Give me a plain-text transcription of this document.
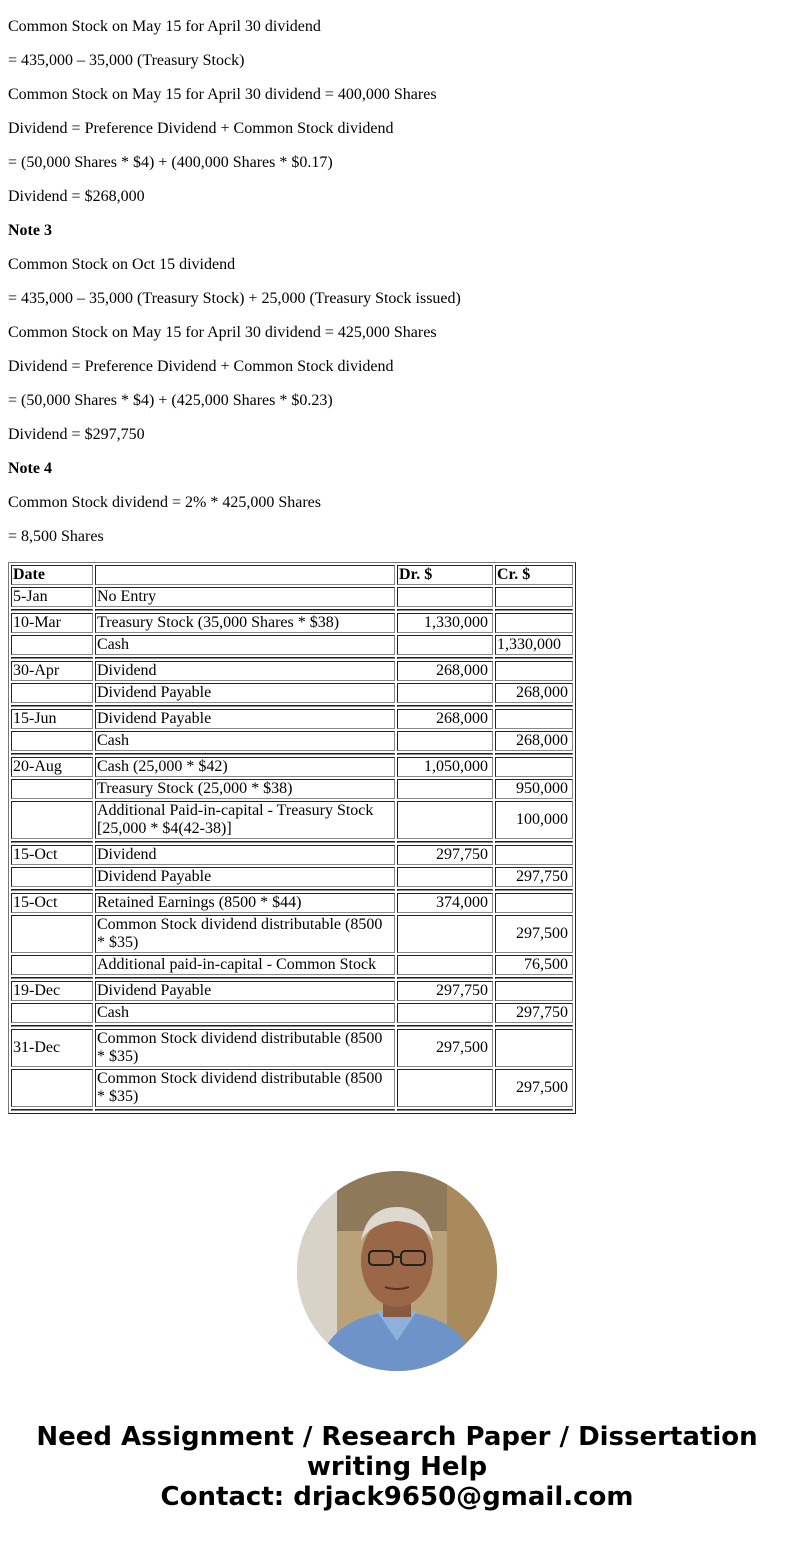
Common Stock on May 15 for April 30 dividend

= 435,000 – 35,000 (Treasury Stock)

Common Stock on May 15 for April 30 dividend = 400,000 Shares

Dividend = Preference Dividend + Common Stock dividend

= (50,000 Shares * $4) + (400,000 Shares * $0.17)

Dividend = $268,000

Note 3

Common Stock on Oct 15 dividend

= 435,000 – 35,000 (Treasury Stock) + 25,000 (Treasury Stock issued)

Common Stock on May 15 for April 30 dividend = 425,000 Shares

Dividend = Preference Dividend + Common Stock dividend

= (50,000 Shares * $4) + (425,000 Shares * $0.23)

Dividend = $297,750

Note 4

Common Stock dividend = 2% * 425,000 Shares

= 8,500 Shares

Date		Dr. $	Cr. $
5-Jan	No Entry		

10-Mar	Treasury Stock (35,000 Shares * $38)	1,330,000	
	Cash		1,330,000

30-Apr	Dividend	268,000	
	Dividend Payable		268,000

15-Jun	Dividend Payable	268,000	
	Cash		268,000

20-Aug	Cash (25,000 * $42)	1,050,000	
	Treasury Stock (25,000 * $38)		950,000
	Additional Paid-in-capital - Treasury Stock [25,000 * $4(42-38)]		100,000

15-Oct	Dividend	297,750	
	Dividend Payable		297,750

15-Oct	Retained Earnings (8500 * $44)	374,000	
	Common Stock dividend distributable (8500 * $35)		297,500
	Additional paid-in-capital - Common Stock		76,500

19-Dec	Dividend Payable	297,750	
	Cash		297,750

31-Dec	Common Stock dividend distributable (8500 * $35)	297,500	
	Common Stock dividend distributable (8500 * $35)		297,500

Need Assignment / Research Paper / Dissertation
writing Help
Contact: drjack9650@gmail.com
